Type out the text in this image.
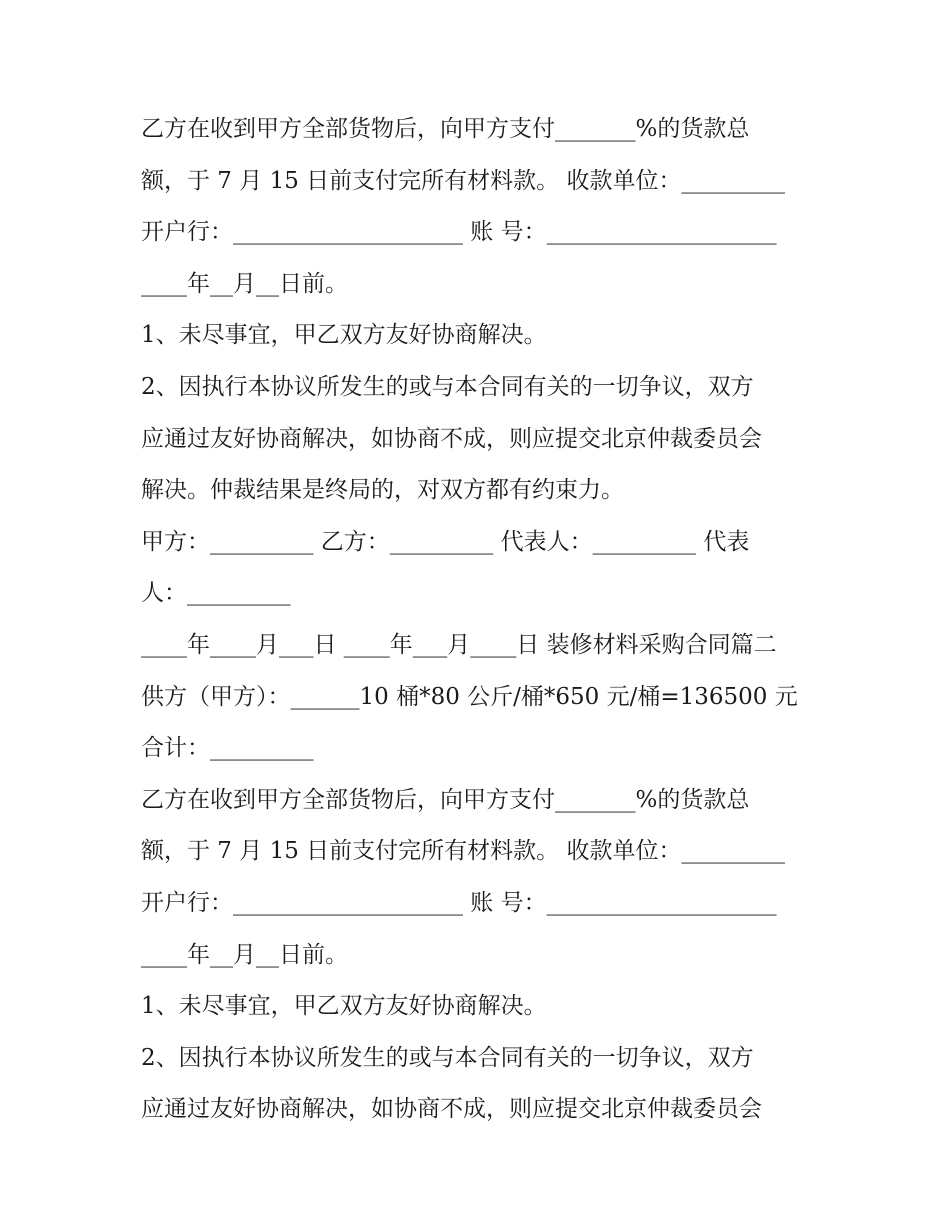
乙方在收到甲方全部货物后，向甲方支付_______%的货款总
额，于 7 月 15 日前支付完所有材料款。 收款单位：_________
开户行：____________________ 账 号：____________________
____年__月__日前。
1、未尽事宜，甲乙双方友好协商解决。
2、因执行本协议所发生的或与本合同有关的一切争议，双方
应通过友好协商解决，如协商不成，则应提交北京仲裁委员会
解决。仲裁结果是终局的，对双方都有约束力。
甲方：_________ 乙方：_________ 代表人：_________ 代表
人：_________
____年____月___日 ____年___月____日 装修材料采购合同篇二
供方（甲方）：______10 桶*80 公斤/桶*650 元/桶=136500 元
合计：_________
乙方在收到甲方全部货物后，向甲方支付_______%的货款总
额，于 7 月 15 日前支付完所有材料款。 收款单位：_________
开户行：____________________ 账 号：____________________
____年__月__日前。
1、未尽事宜，甲乙双方友好协商解决。
2、因执行本协议所发生的或与本合同有关的一切争议，双方
应通过友好协商解决，如协商不成，则应提交北京仲裁委员会
